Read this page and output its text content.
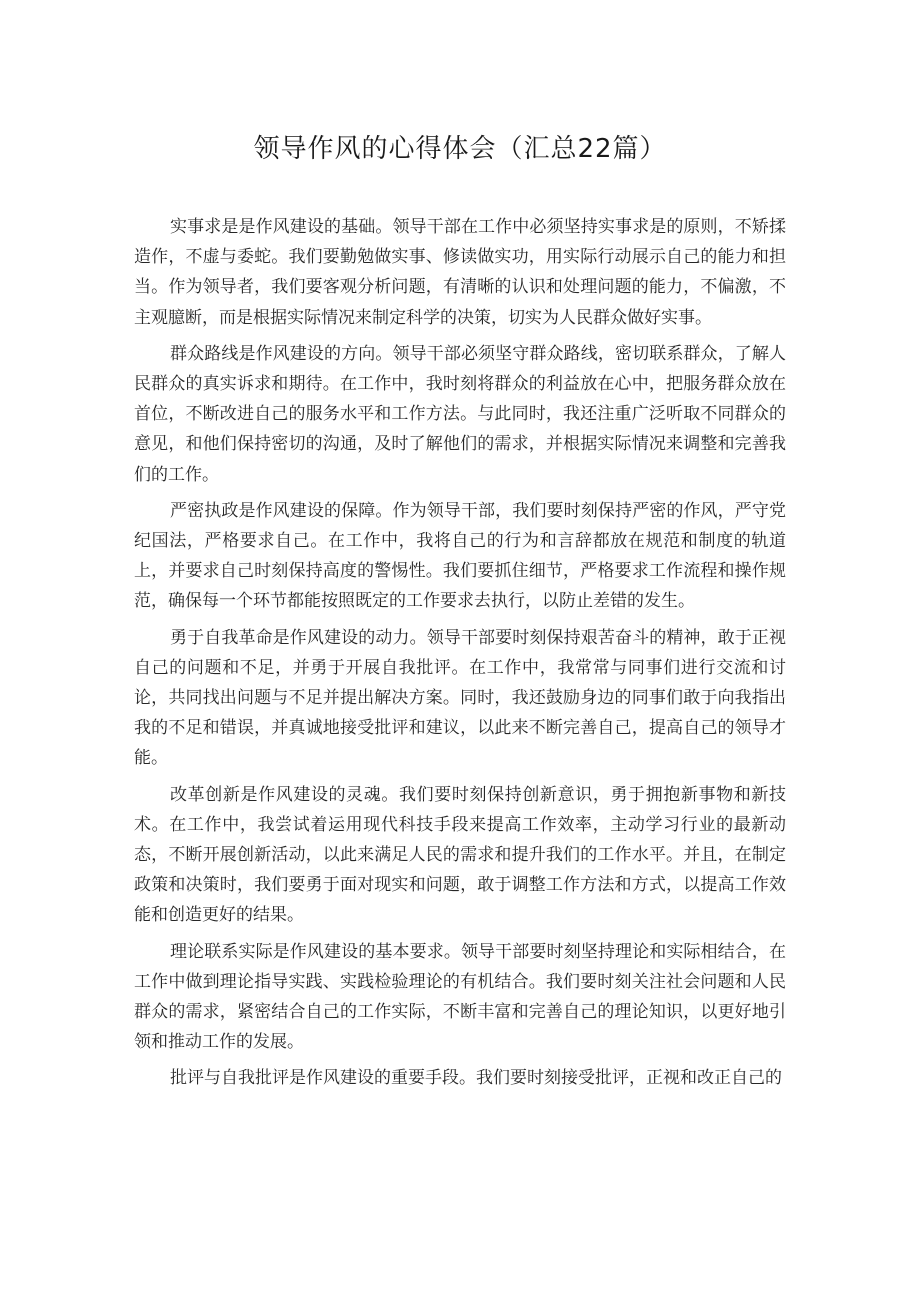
领导作风的心得体会（汇总22篇）

实事求是是作风建设的基础。领导干部在工作中必须坚持实事求是的原则，不矫揉造作，不虚与委蛇。我们要勤勉做实事、修读做实功，用实际行动展示自己的能力和担当。作为领导者，我们要客观分析问题，有清晰的认识和处理问题的能力，不偏激，不主观臆断，而是根据实际情况来制定科学的决策，切实为人民群众做好实事。

群众路线是作风建设的方向。领导干部必须坚守群众路线，密切联系群众，了解人民群众的真实诉求和期待。在工作中，我时刻将群众的利益放在心中，把服务群众放在首位，不断改进自己的服务水平和工作方法。与此同时，我还注重广泛听取不同群众的意见，和他们保持密切的沟通，及时了解他们的需求，并根据实际情况来调整和完善我们的工作。

严密执政是作风建设的保障。作为领导干部，我们要时刻保持严密的作风，严守党纪国法，严格要求自己。在工作中，我将自己的行为和言辞都放在规范和制度的轨道上，并要求自己时刻保持高度的警惕性。我们要抓住细节，严格要求工作流程和操作规范，确保每一个环节都能按照既定的工作要求去执行，以防止差错的发生。

勇于自我革命是作风建设的动力。领导干部要时刻保持艰苦奋斗的精神，敢于正视自己的问题和不足，并勇于开展自我批评。在工作中，我常常与同事们进行交流和讨论，共同找出问题与不足并提出解决方案。同时，我还鼓励身边的同事们敢于向我指出我的不足和错误，并真诚地接受批评和建议，以此来不断完善自己，提高自己的领导才能。

改革创新是作风建设的灵魂。我们要时刻保持创新意识，勇于拥抱新事物和新技术。在工作中，我尝试着运用现代科技手段来提高工作效率，主动学习行业的最新动态，不断开展创新活动，以此来满足人民的需求和提升我们的工作水平。并且，在制定政策和决策时，我们要勇于面对现实和问题，敢于调整工作方法和方式，以提高工作效能和创造更好的结果。

理论联系实际是作风建设的基本要求。领导干部要时刻坚持理论和实际相结合，在工作中做到理论指导实践、实践检验理论的有机结合。我们要时刻关注社会问题和人民群众的需求，紧密结合自己的工作实际，不断丰富和完善自己的理论知识，以更好地引领和推动工作的发展。

批评与自我批评是作风建设的重要手段。我们要时刻接受批评，正视和改正自己的
